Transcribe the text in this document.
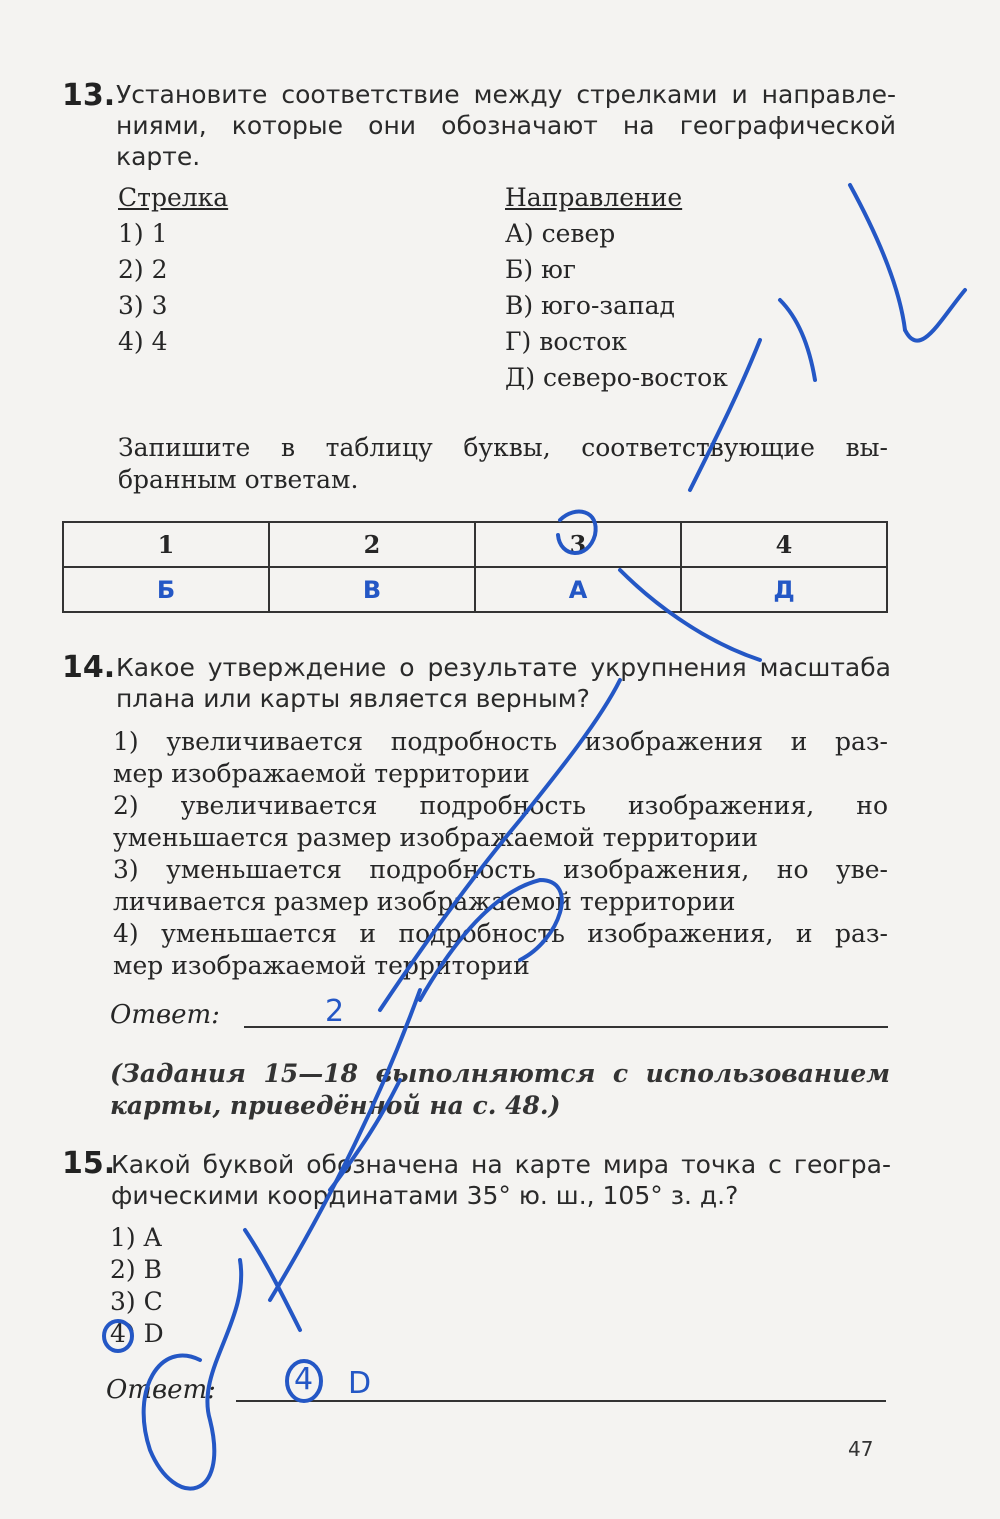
13. Установите соответствие между стрелками и направле-
ниями, которые они обозначают на географической
карте.
Стрелка
1) 1
2) 2
3) 3
4) 4
Направление
А) север
Б) юг
В) юго-запад
Г) восток
Д) северо-восток
Запишите в таблицу буквы, соответствующие вы-
бранным ответам.
1	2	3	4
Б	В	А	Д
14. Какое утверждение о результате укрупнения масштаба
плана или карты является верным?
1) увеличивается подробность изображения и раз-
мер изображаемой территории
2) увеличивается подробность изображения, но
уменьшается размер изображаемой территории
3) уменьшается подробность изображения, но уве-
личивается размер изображаемой территории
4) уменьшается и подробность изображения, и раз-
мер изображаемой территории
Ответ:	2
(Задания 15—18 выполняются с использованием
карты, приведённой на с. 48.)
15.
Какой буквой обозначена на карте мира точка с геогра-
фическими координатами 35° ю. ш., 105° з. д.?
1) A
2) B
3) C
4) D
Ответ:	4 D
47
